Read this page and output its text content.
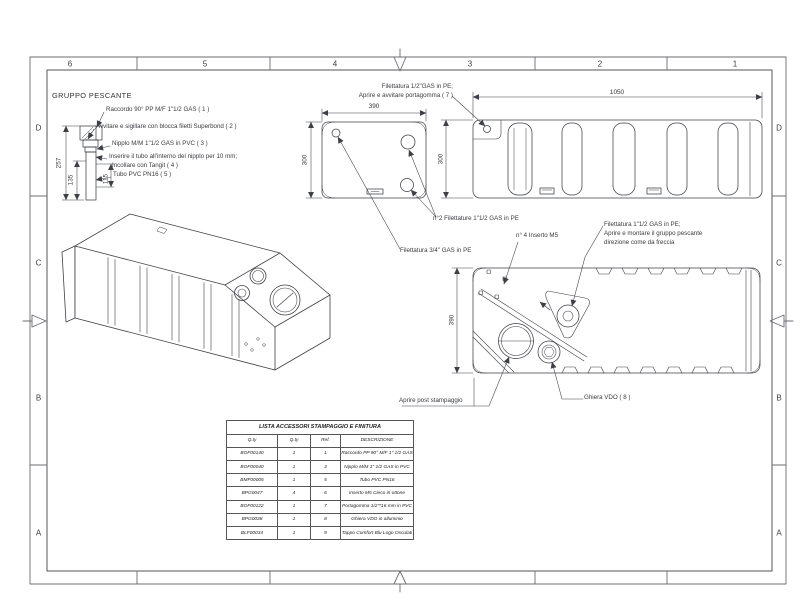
GRUPPO PESCANTE
Raccordo 90° PP M/F 1"1/2 GAS ( 1 )
Avvitare e sigillare con blocca filetti Superbond ( 2 )
Nipplo M/M 1"1/2 GAS in PVC ( 3 )
Inserire il tubo all'interno del nipplo per 10 mm;
Incollare con Tangit ( 4 )
Tubo PVC PN16 ( 5 )
257
135	115
Filettatura 1/2"GAS in PE;
Aprire e avvitare portagomma ( 7 )
390
300	300
1050
n°2 Filettature 1"1/2 GAS in PE
Filettatura 3/4" GAS in PE
n° 4 Inserto M5
Filettatura 1"1/2 GAS in PE;
Aprire e montare il gruppo pescante
direzione come da freccia
390
Ghiera VDO ( 8 )
Aprire post stampaggio
6	5	4	3	2	1
D
C
B
A
D
C
B
A
LISTA ACCESSORI STAMPAGGIO E FINITURA
Q.ty	Q.ty	Ref.	DESCRIZIONE
BOF00140	1	1	Raccordo PP 90° M/F 1" 1/2 GAS
BOF00040	1	3	Nipplo M/M 1" 1/2 GAS in PVC
BMF00005	1	5	Tubo PVC PN16
BPG0047	4	6	Inserto M5 Cieco in ottone
BOF00122	1	7	Portagomma 1/2"*16 mm in PVC
BPG0038	1	8	Ghiera VDO in alluminio
BLF00034	1	9	Tappo Comfort Blu Logo Osculati
